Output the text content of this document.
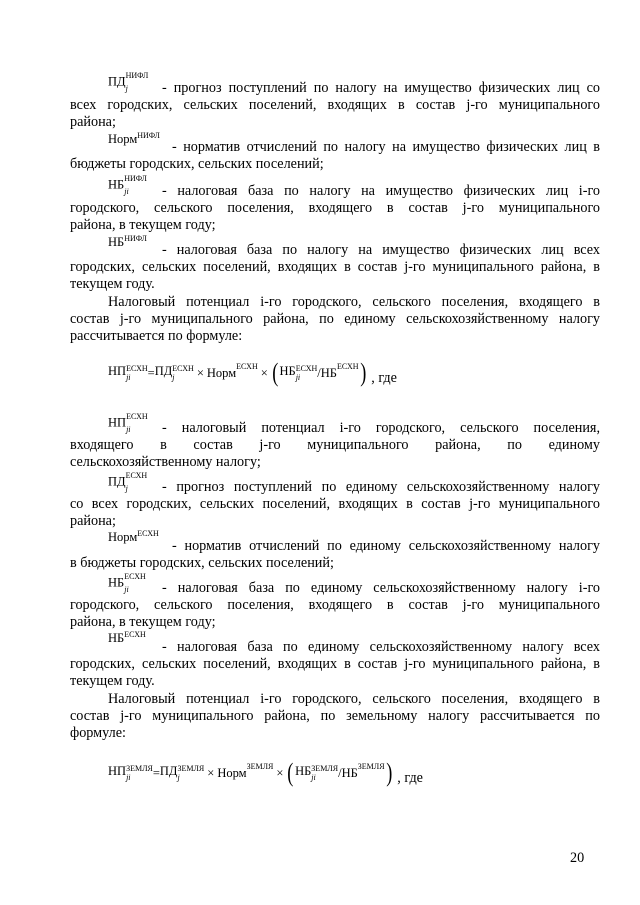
ПД НИФЛ
j	- прогноз поступлений по налогу на имущество физических лиц со
всех городских, сельских поселений, входящих в состав j-го муниципального
района;
Норм$^{НИФЛ}$
- норматив отчислений по налогу на имущество физических лиц в
бюджеты городских, сельских поселений;
НБ НИФЛ
ji	- налоговая база по налогу на имущество физических лиц i-го
городского, сельского поселения, входящего в состав j-го муниципального
района, в текущем году;
$НБ^{НИФЛ}$
- налоговая база по налогу на имущество физических лиц всех
городских, сельских поселений, входящих в состав j-го муниципального района, в
текущем году.
Налоговый потенциал i-го городского, сельского поселения, входящего в
состав j-го муниципального района, по единому сельскохозяйственному налогу
рассчитывается по формуле:
НП ЕСХН
ji	= ПД ЕСХН
j	× Норм$^{ЕСХН}$ × ( НБ ЕСХН
ji	/ $НБ^{ЕСХН}$ ) , где
НП ЕСХН
ji	- налоговый потенциал i-го городского, сельского поселения,
входящего в состав j-го муниципального района, по единому
сельскохозяйственному налогу;
ПД ЕСХН
j	- прогноз поступлений по единому сельскохозяйственному налогу
со всех городских, сельских поселений, входящих в состав j-го муниципального
района;
Норм$^{ЕСХН}$
- норматив отчислений по единому сельскохозяйственному налогу
в бюджеты городских, сельских поселений;
НБ ЕСХН
ji	- налоговая база по единому сельскохозяйственному налогу i-го
городского, сельского поселения, входящего в состав j-го муниципального
района, в текущем году;
$НБ^{ЕСХН}$
- налоговая база по единому сельскохозяйственному налогу всех
городских, сельских поселений, входящих в состав j-го муниципального района, в
текущем году.
Налоговый потенциал i-го городского, сельского поселения, входящего в
состав j-го муниципального района, по земельному налогу рассчитывается по
формуле:
НП ЗЕМЛЯ
ji	= ПД ЗЕМЛЯ
j	× Норм$^{ЗЕМЛЯ}$ × ( НБ ЗЕМЛЯ
ji	/ $НБ^{ЗЕМЛЯ}$ ) , где
20
